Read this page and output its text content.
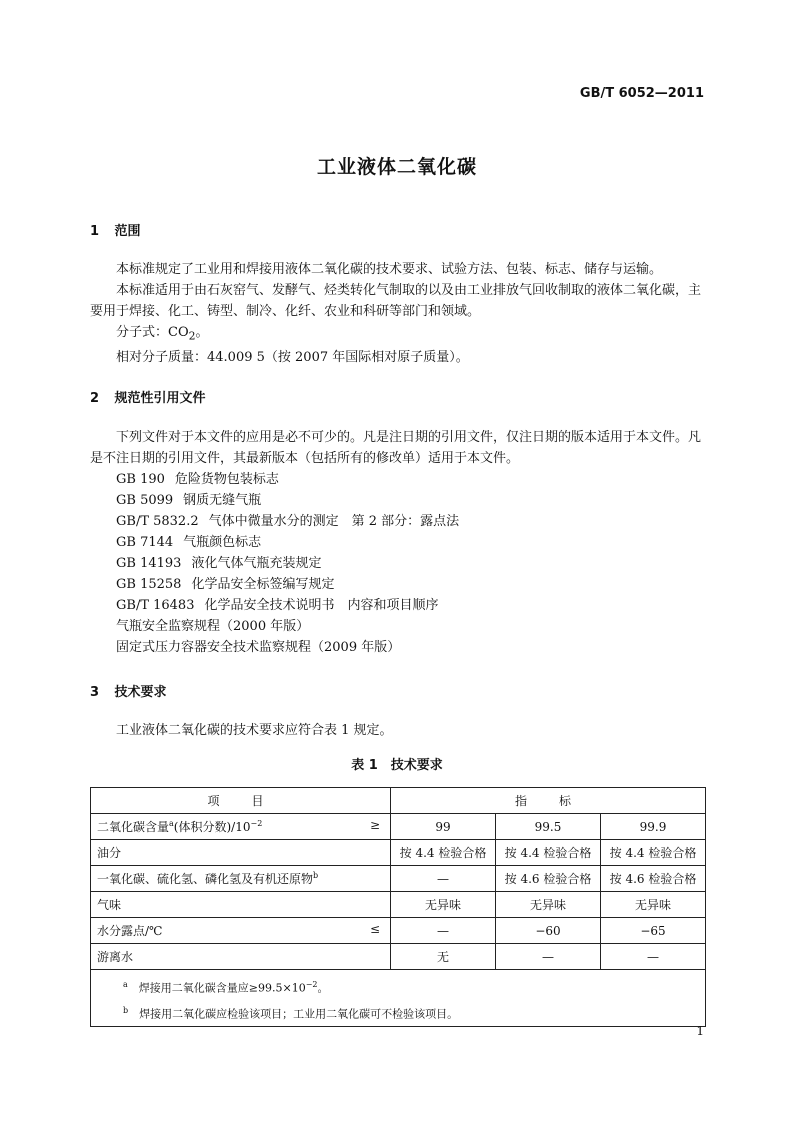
GB/T 6052—2011
工业液体二氧化碳
1 范围

本标准规定了工业用和焊接用液体二氧化碳的技术要求、试验方法、包装、标志、储存与运输。

本标准适用于由石灰窑气、发酵气、烃类转化气制取的以及由工业排放气回收制取的液体二氧化碳，主要用于焊接、化工、铸型、制冷、化纤、农业和科研等部门和领域。

分子式：$CO_2$。

相对分子质量：44.009 5（按 2007 年国际相对原子质量）。

2 规范性引用文件

下列文件对于本文件的应用是必不可少的。凡是注日期的引用文件，仅注日期的版本适用于本文件。凡是不注日期的引用文件，其最新版本（包括所有的修改单）适用于本文件。

GB 190 危险货物包装标志
GB 5099 钢质无缝气瓶
GB/T 5832.2 气体中微量水分的测定　第 2 部分：露点法
GB 7144 气瓶颜色标志
GB 14193 液化气体气瓶充装规定
GB 15258 化学品安全标签编写规定
GB/T 16483 化学品安全技术说明书　内容和项目顺序
气瓶安全监察规程（2000 年版）
固定式压力容器安全技术监察规程（2009 年版）
3 技术要求

工业液体二氧化碳的技术要求应符合表 1 规定。

表 1　技术要求
项　目	指　标		
二氧化碳含量$^a$(体积分数)$/10^{-2}$ ≥	99	99.5	99.9
油分	按 4.4 检验合格	按 4.4 检验合格	按 4.4 检验合格
一氧化碳、硫化氢、磷化氢及有机还原物$^b$	—	按 4.6 检验合格	按 4.6 检验合格
气味	无异味	无异味	无异味
水分露点/℃ ≤	—	−60	−65
游离水	无	—	—

$^a$　 焊接用二氧化碳含量应$\ge 99.5\times 10^{-2}$。
$^b$　 焊接用二氧化碳应检验该项目；工业用二氧化碳可不检验该项目。			
1
